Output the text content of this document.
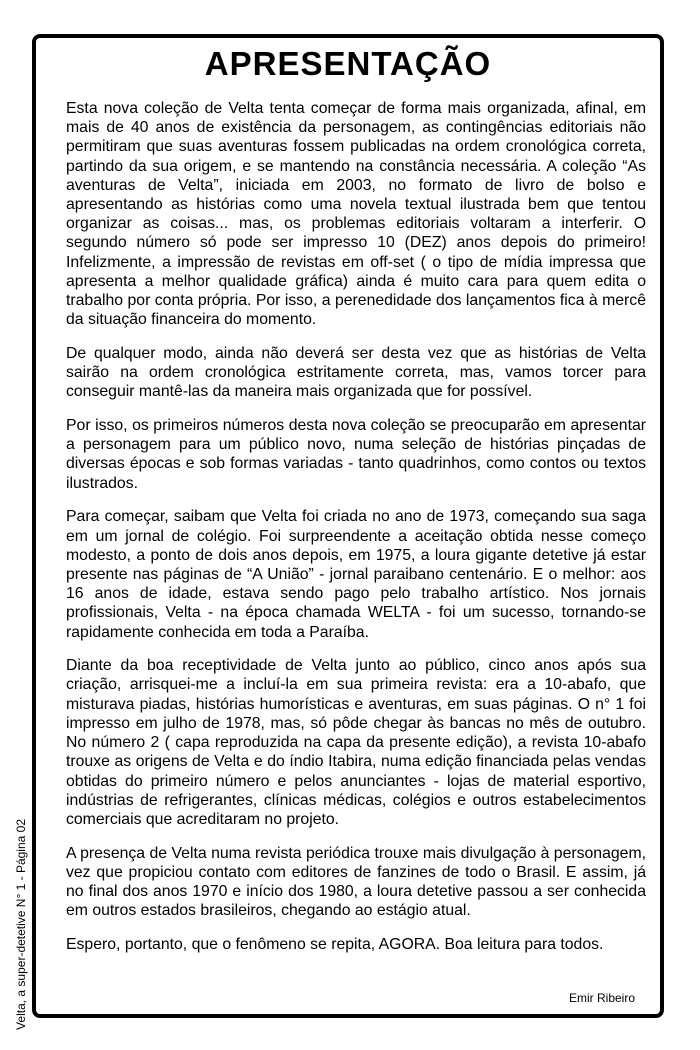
APRESENTAÇÃO

Esta nova coleção de Velta tenta começar de forma mais organizada, afinal, em mais de 40 anos de existência da personagem, as contingências editoriais não permitiram que suas aventuras fossem publicadas na ordem cronológica correta, partindo da sua origem, e se mantendo na constância necessária. A coleção “As aventuras de Velta”, iniciada em 2003, no formato de livro de bolso e apresentando as histórias como uma novela textual ilustrada bem que tentou organizar as coisas... mas, os problemas editoriais voltaram a interferir. O segundo número só pode ser impresso 10 (DEZ) anos depois do primeiro! Infelizmente, a impressão de revistas em off-set ( o tipo de mídia impressa que apresenta a melhor qualidade gráfica) ainda é muito cara para quem edita o trabalho por conta própria. Por isso, a perenedidade dos lançamentos fica à mercê da situação financeira do momento.

De qualquer modo, ainda não deverá ser desta vez que as histórias de Velta sairão na ordem cronológica estritamente correta, mas, vamos torcer para conseguir mantê-las da maneira mais organizada que for possível.

Por isso, os primeiros números desta nova coleção se preocuparão em apresentar a personagem para um público novo, numa seleção de histórias pinçadas de diversas épocas e sob formas variadas - tanto quadrinhos, como contos ou textos ilustrados.

Para começar, saibam que Velta foi criada no ano de 1973, começando sua saga em um jornal de colégio. Foi surpreendente a aceitação obtida nesse começo modesto, a ponto de dois anos depois, em 1975, a loura gigante detetive já estar presente nas páginas de “A União” - jornal paraibano centenário. E o melhor: aos 16 anos de idade, estava sendo pago pelo trabalho artístico. Nos jornais profissionais, Velta - na época chamada WELTA - foi um sucesso, tornando-se rapidamente conhecida em toda a Paraíba.

Diante da boa receptividade de Velta junto ao público, cinco anos após sua criação, arrisquei-me a incluí-la em sua primeira revista: era a 10-abafo, que misturava piadas, histórias humorísticas e aventuras, em suas páginas. O n° 1 foi impresso em julho de 1978, mas, só pôde chegar às bancas no mês de outubro. No número 2 ( capa reproduzida na capa da presente edição), a revista 10-abafo trouxe as origens de Velta e do índio Itabira, numa edição financiada pelas vendas obtidas do primeiro número e pelos anunciantes - lojas de material esportivo, indústrias de refrigerantes, clínicas médicas, colégios e outros estabelecimentos comerciais que acreditaram no projeto.

A presença de Velta numa revista periódica trouxe mais divulgação à personagem, vez que propiciou contato com editores de fanzines de todo o Brasil. E assim, já no final dos anos 1970 e início dos 1980, a loura detetive passou a ser conhecida em outros estados brasileiros, chegando ao estágio atual.

Espero, portanto, que o fenômeno se repita, AGORA. Boa leitura para todos.

Emir Ribeiro
Velta, a super-detetive N° 1 - Página 02
